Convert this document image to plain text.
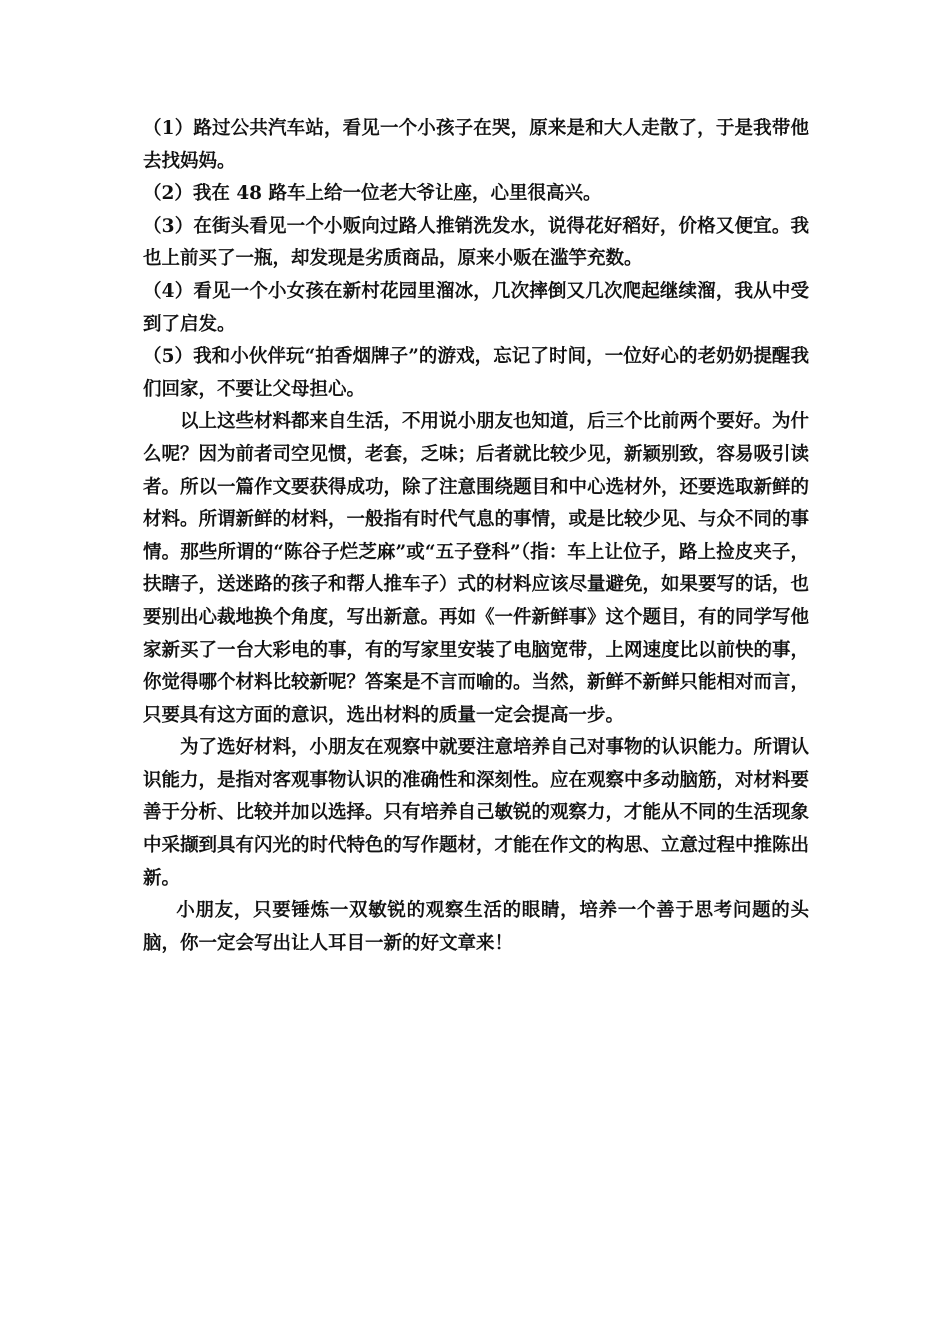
（1）路过公共汽车站，看见一个小孩子在哭，原来是和大人走散了，于是我带他去找妈妈。

（2）我在 48 路车上给一位老大爷让座，心里很高兴。

（3）在街头看见一个小贩向过路人推销洗发水，说得花好稻好，价格又便宜。我也上前买了一瓶，却发现是劣质商品，原来小贩在滥竽充数。

（4）看见一个小女孩在新村花园里溜冰，几次摔倒又几次爬起继续溜，我从中受到了启发。

（5）我和小伙伴玩“拍香烟牌子”的游戏，忘记了时间，一位好心的老奶奶提醒我们回家，不要让父母担心。

以上这些材料都来自生活，不用说小朋友也知道，后三个比前两个要好。为什么呢？因为前者司空见惯，老套，乏味；后者就比较少见，新颖别致，容易吸引读者。所以一篇作文要获得成功，除了注意围绕题目和中心选材外，还要选取新鲜的材料。所谓新鲜的材料，一般指有时代气息的事情，或是比较少见、与众不同的事情。那些所谓的“陈谷子烂芝麻”或“五子登科”（指：车上让位子，路上捡皮夹子，扶瞎子，送迷路的孩子和帮人推车子）式的材料应该尽量避免，如果要写的话，也要别出心裁地换个角度，写出新意。再如《一件新鲜事》这个题目，有的同学写他家新买了一台大彩电的事，有的写家里安装了电脑宽带，上网速度比以前快的事，你觉得哪个材料比较新呢？答案是不言而喻的。当然，新鲜不新鲜只能相对而言，只要具有这方面的意识，选出材料的质量一定会提高一步。

为了选好材料，小朋友在观察中就要注意培养自己对事物的认识能力。所谓认识能力，是指对客观事物认识的准确性和深刻性。应在观察中多动脑筋，对材料要善于分析、比较并加以选择。只有培养自己敏锐的观察力，才能从不同的生活现象中采撷到具有闪光的时代特色的写作题材，才能在作文的构思、立意过程中推陈出新。

小朋友，只要锤炼一双敏锐的观察生活的眼睛，培养一个善于思考问题的头脑，你一定会写出让人耳目一新的好文章来！
